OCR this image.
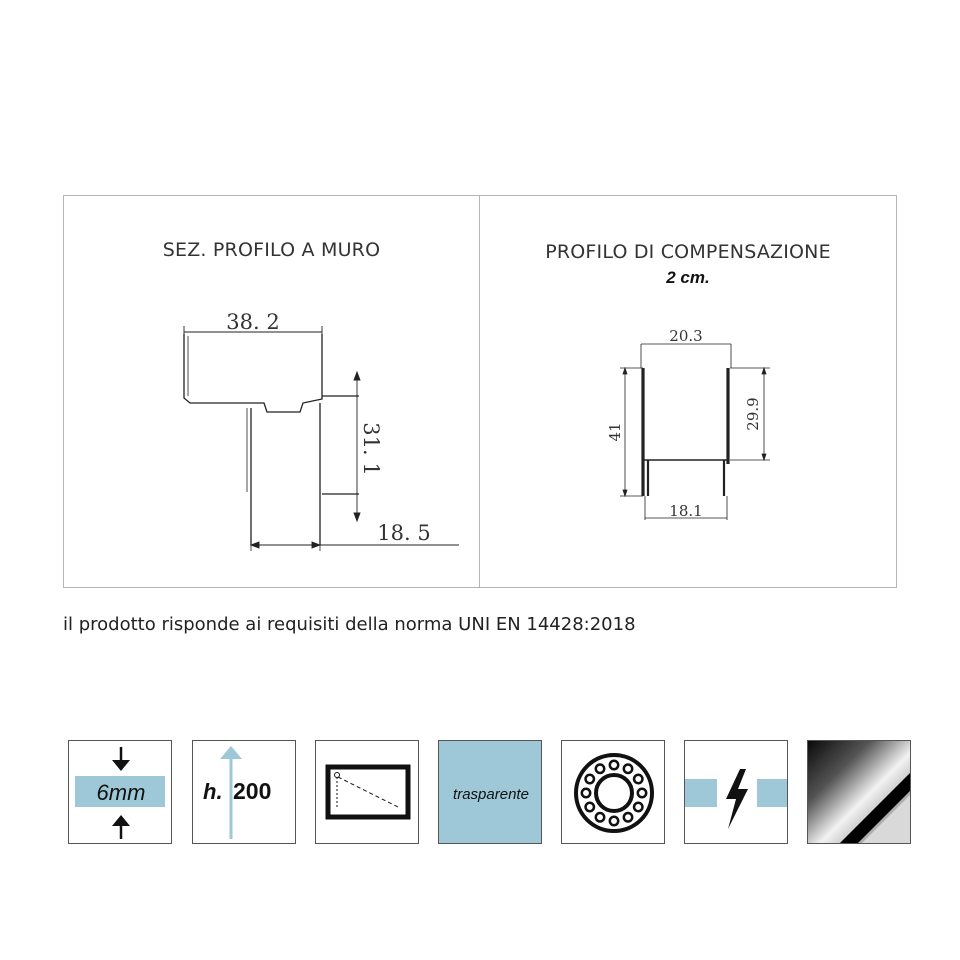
SEZ. PROFILO A MURO
38. 2
31. 1
18. 5
PROFILO DI COMPENSAZIONE
2 cm.
20.3
41
29.9
18.1
il prodotto risponde ai requisiti della norma UNI EN 14428:2018
6mm	h. 200	trasparente
